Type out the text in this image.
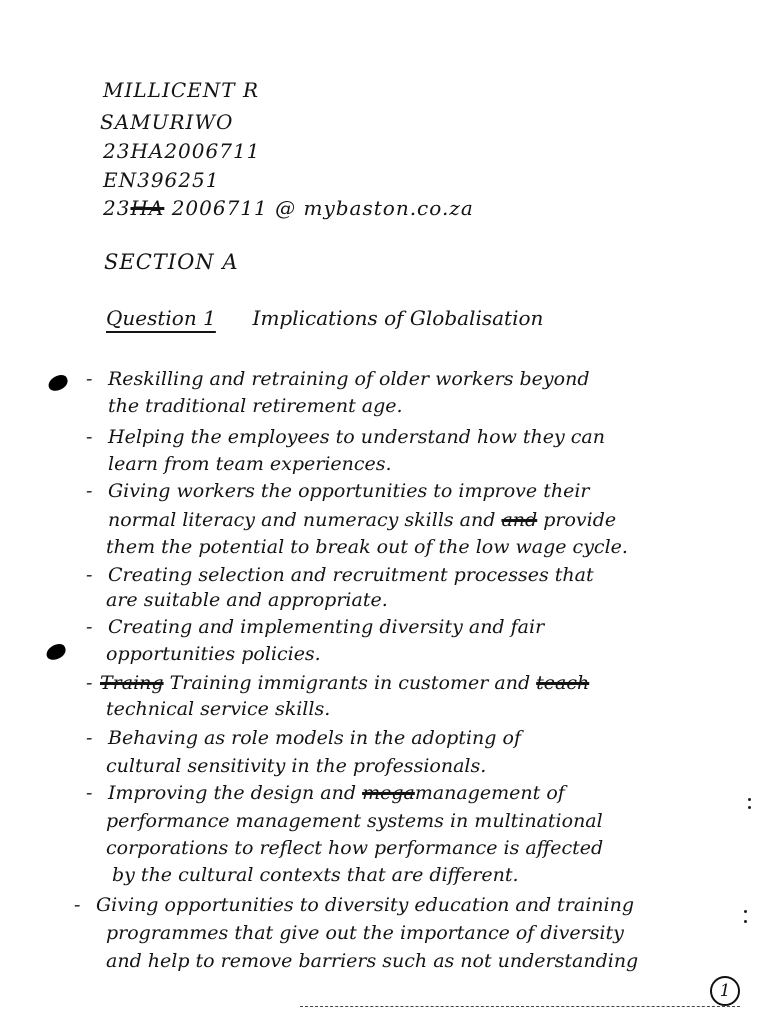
MILLICENT R
SAMURIWO
23HA2006711
EN396251
23HA 2006711 @ mybaston.co.za
SECTION A
Question 1 Implications of Globalisation
- Reskilling and retraining of older workers beyond
the traditional retirement age.
- Helping the employees to understand how they can
learn from team experiences.
- Giving workers the opportunities to improve their
normal literacy and numeracy skills and and provide
them the potential to break out of the low wage cycle.
- Creating selection and recruitment processes that
are suitable and appropriate.
- Creating and implementing diversity and fair
opportunities policies.
- Traing Training immigrants in customer and teach
technical service skills.
- Behaving as role models in the adopting of
cultural sensitivity in the professionals.
- Improving the design and megamanagement of
performance management systems in multinational
corporations to reflect how performance is affected
by the cultural contexts that are different.
- Giving opportunities to diversity education and training
programmes that give out the importance of diversity
and help to remove barriers such as not understanding
1
